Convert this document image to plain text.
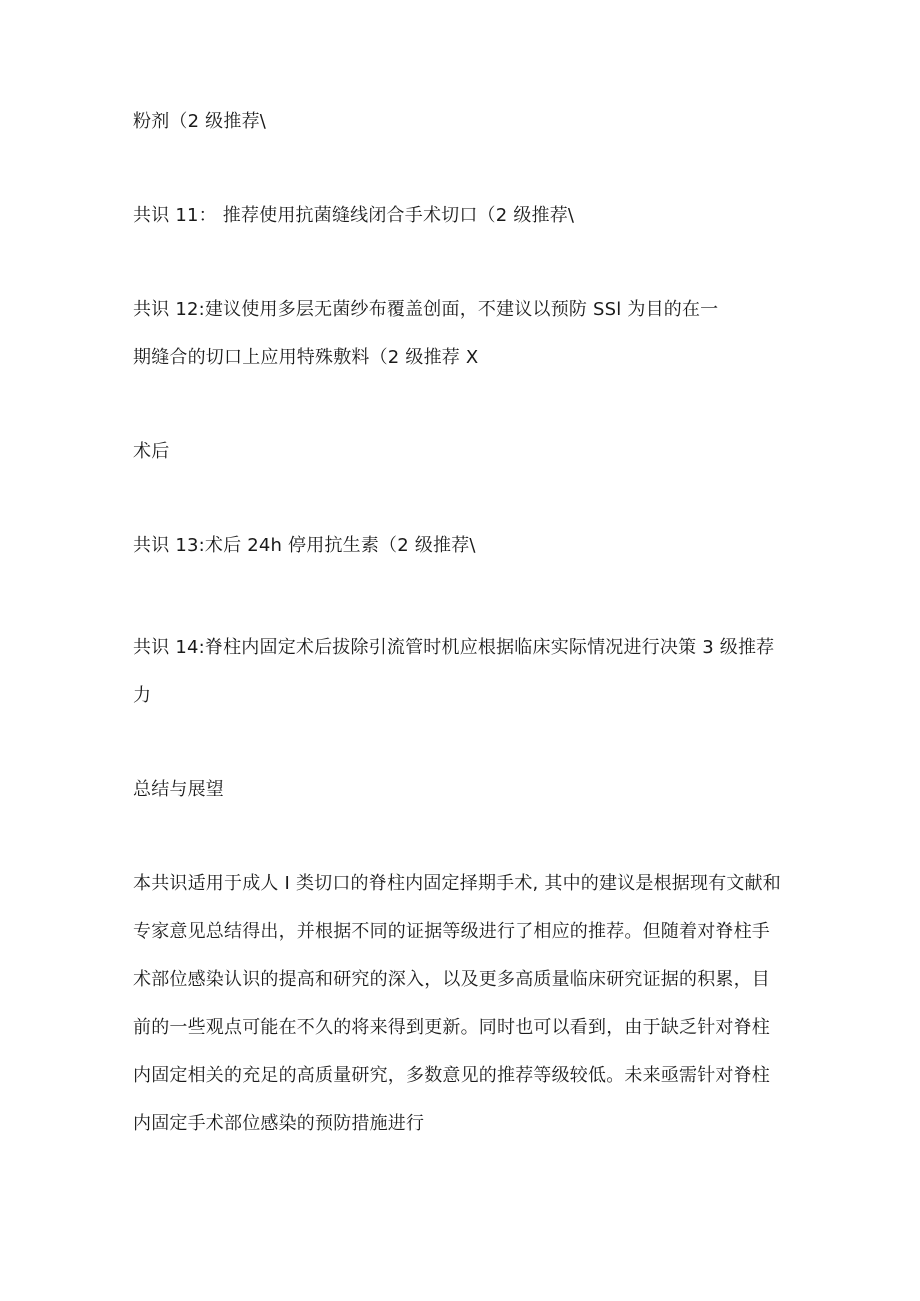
粉剂（2 级推荐\
共识 11： 推荐使用抗菌缝线闭合手术切口（2 级推荐\
共识 12:建议使用多层无菌纱布覆盖创面，不建议以预防 SSl 为目的在一
期缝合的切口上应用特殊敷料（2 级推荐 X
术后
共识 13:术后 24h 停用抗生素（2 级推荐\
共识 14:脊柱内固定术后拔除引流管时机应根据临床实际情况进行决策 3 级推荐
力
总结与展望
本共识适用于成人 I 类切口的脊柱内固定择期手术, 其中的建议是根据现有文献和
专家意见总结得出，并根据不同的证据等级进行了相应的推荐。但随着对脊柱手
术部位感染认识的提高和研究的深入，以及更多高质量临床研究证据的积累，目
前的一些观点可能在不久的将来得到更新。同时也可以看到，由于缺乏针对脊柱
内固定相关的充足的高质量研究，多数意见的推荐等级较低。未来亟需针对脊柱
内固定手术部位感染的预防措施进行
